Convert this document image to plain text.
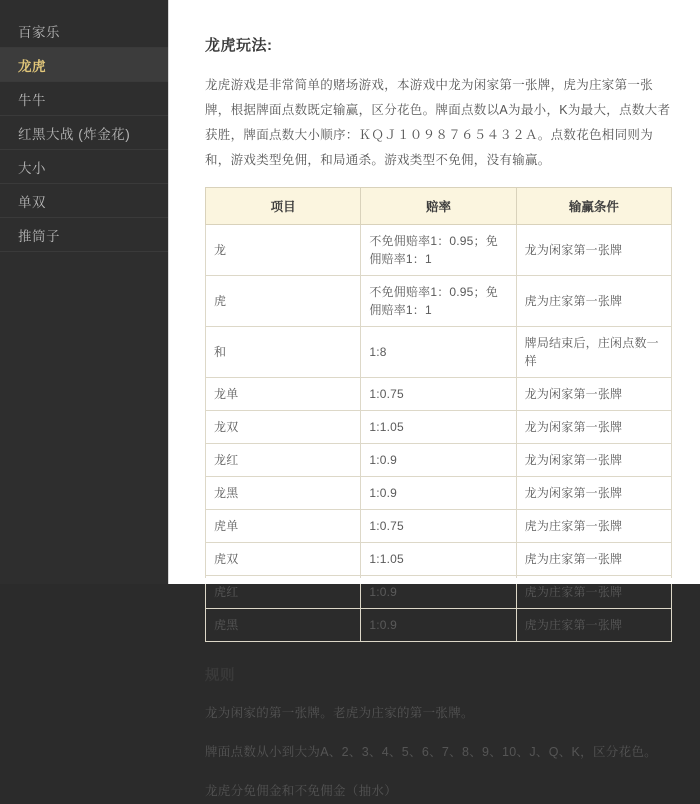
百家乐
龙虎
牛牛
红黑大战 (炸金花)
大小
单双
推筒子
龙虎玩法:

龙虎游戏是非常简单的赌场游戏，本游戏中龙为闲家第一张牌，虎为庄家第一张牌，根据牌面点数既定输赢，区分花色。牌面点数以A为最小，K为最大，点数大者获胜，牌面点数大小顺序：ＫＱＪ１０９８７６５４３２Ａ。点数花色相同则为和，游戏类型免佣，和局通杀。游戏类型不免佣，没有输赢。

项目	赔率	输赢条件
龙	不免佣赔率1：0.95；免佣赔率1：1	龙为闲家第一张牌
虎	不免佣赔率1：0.95；免佣赔率1：1	虎为庄家第一张牌
和	1:8	牌局结束后，庄闲点数一样
龙单	1:0.75	龙为闲家第一张牌
龙双	1:1.05	龙为闲家第一张牌
龙红	1:0.9	龙为闲家第一张牌
龙黑	1:0.9	龙为闲家第一张牌
虎单	1:0.75	虎为庄家第一张牌
虎双	1:1.05	虎为庄家第一张牌
虎红	1:0.9	虎为庄家第一张牌
虎黑	1:0.9	虎为庄家第一张牌
规则

龙为闲家的第一张牌。老虎为庄家的第一张牌。

牌面点数从小到大为A、2、3、4、5、6、7、8、9、10、J、Q、K，区分花色。

龙虎分免佣金和不免佣金（抽水）
